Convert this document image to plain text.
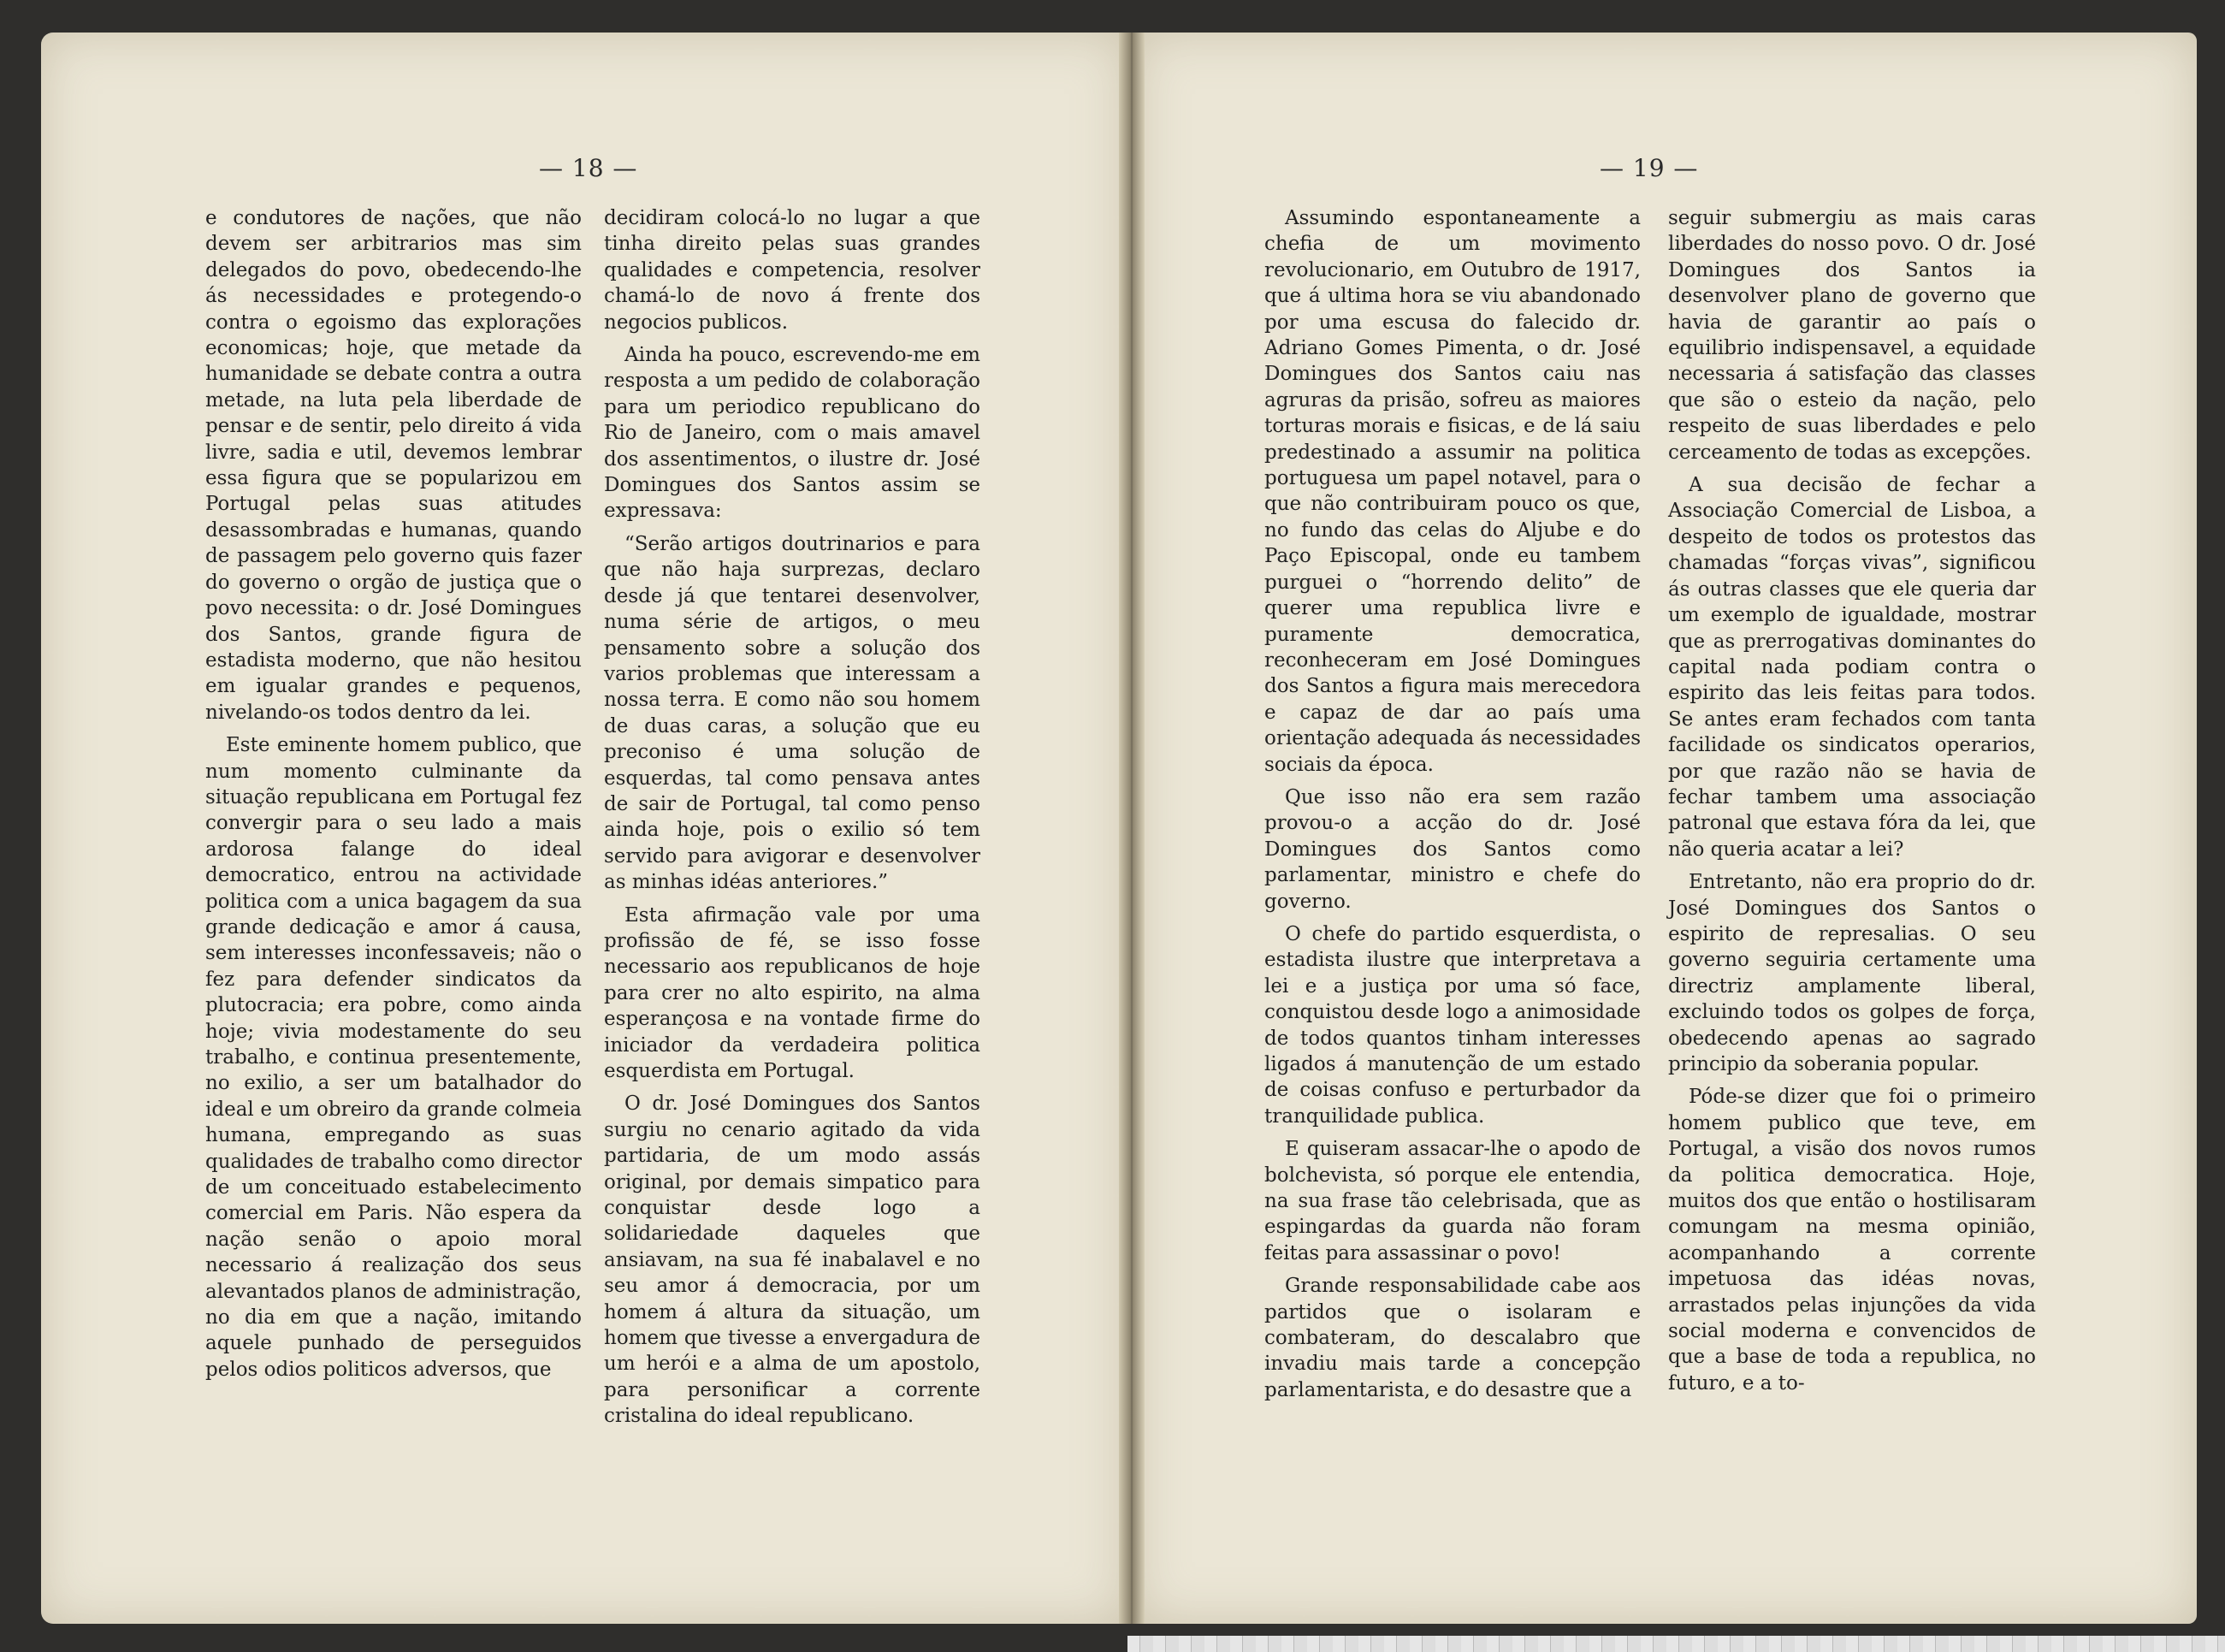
— 18 —	— 19 —

e condutores de nações, que não devem ser arbitrarios mas sim delegados do povo, obedecendo-lhe ás necessidades e protegendo-o contra o egoismo das explorações economicas; hoje, que metade da humanidade se debate contra a outra metade, na luta pela liberdade de pensar e de sentir, pelo direito á vida livre, sadia e util, devemos lembrar essa figura que se popularizou em Portugal pelas suas atitudes desassombradas e humanas, quando de passagem pelo governo quis fazer do governo o orgão de justiça que o povo necessita: o dr. José Domingues dos Santos, grande figura de estadista moderno, que não hesitou em igualar grandes e pequenos, nivelando-os todos dentro da lei.

Este eminente homem publico, que num momento culminante da situação republicana em Portugal fez convergir para o seu lado a mais ardorosa falange do ideal democratico, entrou na actividade politica com a unica bagagem da sua grande dedicação e amor á causa, sem interesses inconfessaveis; não o fez para defender sindicatos da plutocracia; era pobre, como ainda hoje; vivia modestamente do seu trabalho, e continua presentemente, no exilio, a ser um batalhador do ideal e um obreiro da grande colmeia humana, empregando as suas qualidades de trabalho como director de um conceituado estabelecimento comercial em Paris. Não espera da nação senão o apoio moral necessario á realização dos seus alevantados planos de administração, no dia em que a nação, imitando aquele punhado de perseguidos pelos odios politicos adversos, que

decidiram colocá-lo no lugar a que tinha direito pelas suas grandes qualidades e competencia, resolver chamá-lo de novo á frente dos negocios publicos.

Ainda ha pouco, escrevendo-me em resposta a um pedido de colaboração para um periodico republicano do Rio de Janeiro, com o mais amavel dos assentimentos, o ilustre dr. José Domingues dos Santos assim se expressava:

“Serão artigos doutrinarios e para que não haja surprezas, declaro desde já que tentarei desenvolver, numa série de artigos, o meu pensamento sobre a solução dos varios problemas que interessam a nossa terra. E como não sou homem de duas caras, a solução que eu preconiso é uma solução de esquerdas, tal como pensava antes de sair de Portugal, tal como penso ainda hoje, pois o exilio só tem servido para avigorar e desenvolver as minhas idéas anteriores.”

Esta afirmação vale por uma profissão de fé, se isso fosse necessario aos republicanos de hoje para crer no alto espirito, na alma esperançosa e na vontade firme do iniciador da verdadeira politica esquerdista em Portugal.

O dr. José Domingues dos Santos surgiu no cenario agitado da vida partidaria, de um modo assás original, por demais simpatico para conquistar desde logo a solidariedade daqueles que ansiavam, na sua fé inabalavel e no seu amor á democracia, por um homem á altura da situação, um homem que tivesse a envergadura de um herói e a alma de um apostolo, para personificar a corrente cristalina do ideal republicano.

Assumindo espontaneamente a chefia de um movimento revolucionario, em Outubro de 1917, que á ultima hora se viu abandonado por uma escusa do falecido dr. Adriano Gomes Pimenta, o dr. José Domingues dos Santos caiu nas agruras da prisão, sofreu as maiores torturas morais e fisicas, e de lá saiu predestinado a assumir na politica portuguesa um papel notavel, para o que não contribuiram pouco os que, no fundo das celas do Aljube e do Paço Episcopal, onde eu tambem purguei o “horrendo delito” de querer uma republica livre e puramente democratica, reconheceram em José Domingues dos Santos a figura mais merecedora e capaz de dar ao país uma orientação adequada ás necessidades sociais da época.

Que isso não era sem razão provou-o a acção do dr. José Domingues dos Santos como parlamentar, ministro e chefe do governo.

O chefe do partido esquerdista, o estadista ilustre que interpretava a lei e a justiça por uma só face, conquistou desde logo a animosidade de todos quantos tinham interesses ligados á manutenção de um estado de coisas confuso e perturbador da tranquilidade publica.

E quiseram assacar-lhe o apodo de bolchevista, só porque ele entendia, na sua frase tão celebrisada, que as espingardas da guarda não foram feitas para assassinar o povo!

Grande responsabilidade cabe aos partidos que o isolaram e combateram, do descalabro que invadiu mais tarde a concepção parlamentarista, e do desastre que a

seguir submergiu as mais caras liberdades do nosso povo. O dr. José Domingues dos Santos ia desenvolver plano de governo que havia de garantir ao país o equilibrio indispensavel, a equidade necessaria á satisfação das classes que são o esteio da nação, pelo respeito de suas liberdades e pelo cerceamento de todas as excepções.

A sua decisão de fechar a Associação Comercial de Lisboa, a despeito de todos os protestos das chamadas “forças vivas”, significou ás outras classes que ele queria dar um exemplo de igualdade, mostrar que as prerrogativas dominantes do capital nada podiam contra o espirito das leis feitas para todos. Se antes eram fechados com tanta facilidade os sindicatos operarios, por que razão não se havia de fechar tambem uma associação patronal que estava fóra da lei, que não queria acatar a lei?

Entretanto, não era proprio do dr. José Domingues dos Santos o espirito de represalias. O seu governo seguiria certamente uma directriz amplamente liberal, excluindo todos os golpes de força, obedecendo apenas ao sagrado principio da soberania popular.

Póde-se dizer que foi o primeiro homem publico que teve, em Portugal, a visão dos novos rumos da politica democratica. Hoje, muitos dos que então o hostilisaram comungam na mesma opinião, acompanhando a corrente impetuosa das idéas novas, arrastados pelas injunções da vida social moderna e convencidos de que a base de toda a republica, no futuro, e a to-
